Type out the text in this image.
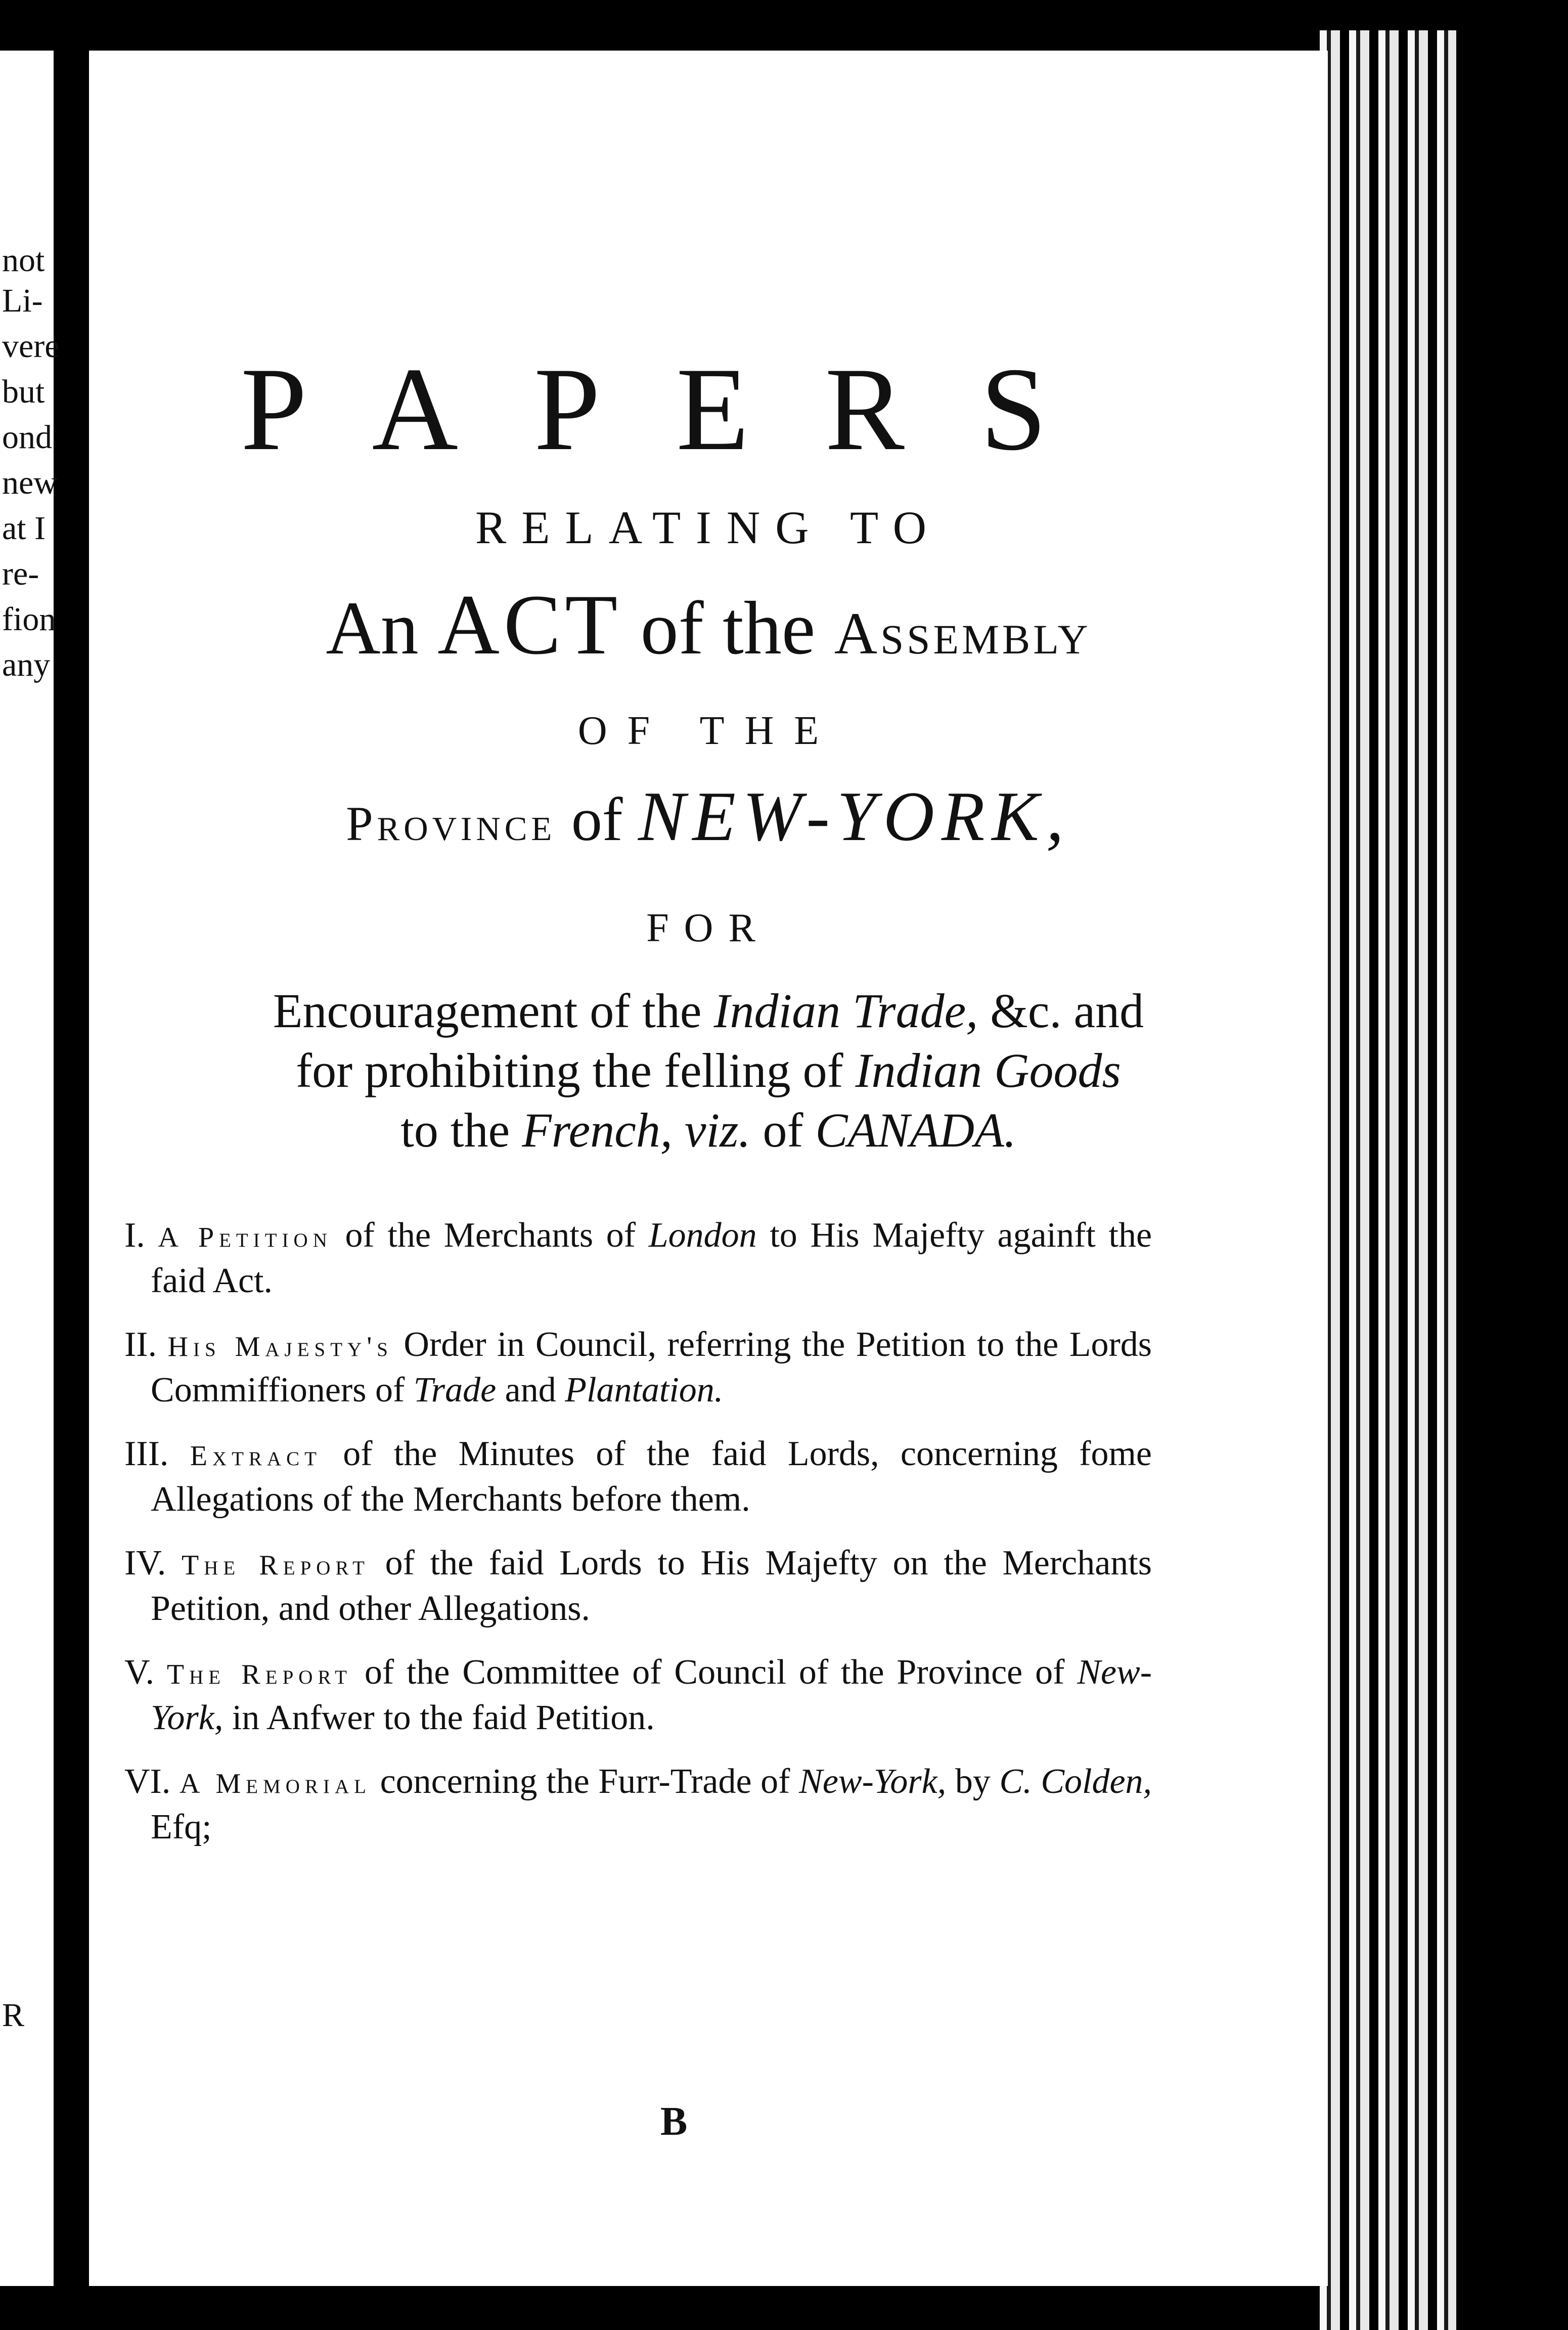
not
Li-
vere
but
ond
new
at I
re-
fion
any
R
PAPERS
RELATING TO
An ACT of the Assembly
OF THE
Province of NEW-YORK,
FOR
Encouragement of the Indian Trade, &c. and
for prohibiting the felling of Indian Goods
to the French, viz. of CANADA.
I. A Petition of the Merchants of London to His Majefty againft the faid Act.
II. His Majesty's Order in Council, referring the Petition to the Lords Commiffioners of Trade and Plantation.
III. Extract of the Minutes of the faid Lords, concerning fome Allegations of the Merchants before them.
IV. The Report of the faid Lords to His Majefty on the Merchants Petition, and other Allegations.
V. The Report of the Committee of Council of the Province of New-York, in Anfwer to the faid Petition.
VI. A Memorial concerning the Furr-Trade of New-York, by C. Colden, Efq;
B
